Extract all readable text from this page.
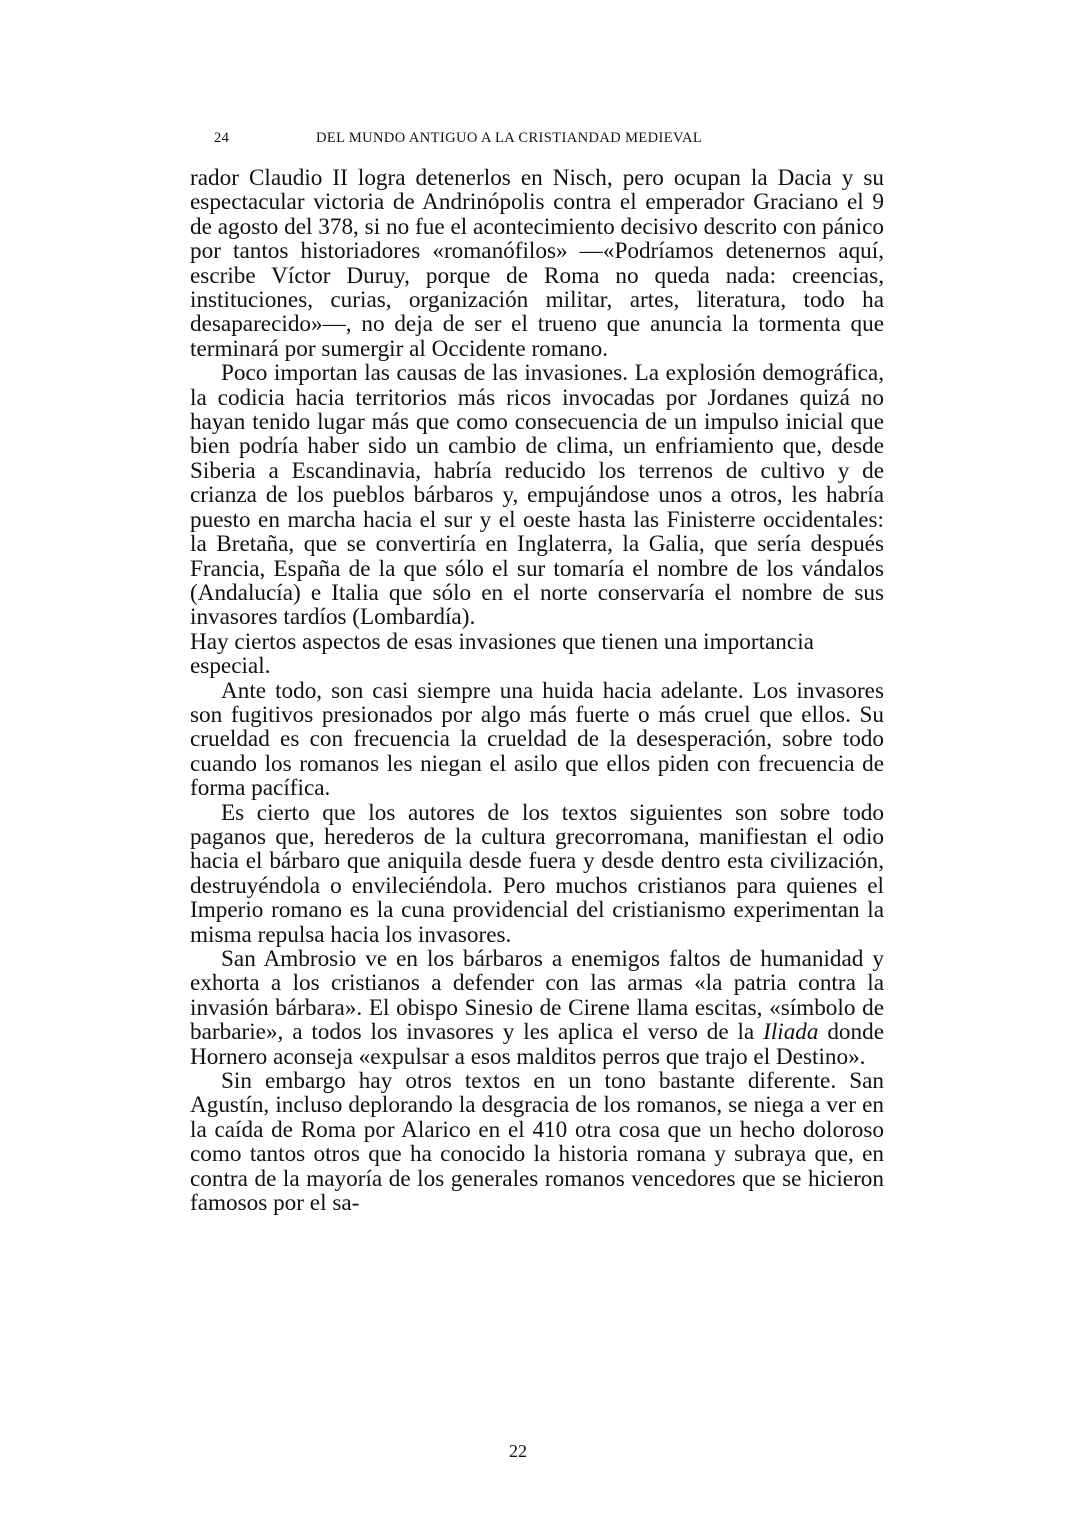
24	DEL MUNDO ANTIGUO A LA CRISTIANDAD MEDIEVAL

rador Claudio II logra detenerlos en Nisch, pero ocupan la Dacia y su espectacular victoria de Andrinópolis contra el emperador Graciano el 9 de agosto del 378, si no fue el acontecimiento decisivo descrito con pánico por tantos historiadores «romanófilos» —«Podríamos detenernos aquí, escribe Víctor Duruy, porque de Roma no queda nada: creencias, instituciones, curias, organización militar, artes, literatura, todo ha desaparecido»—, no deja de ser el trueno que anuncia la tormenta que terminará por sumergir al Occidente romano.

Poco importan las causas de las invasiones. La explosión demográfica, la codicia hacia territorios más ricos invocadas por Jordanes quizá no hayan tenido lugar más que como consecuencia de un impulso inicial que bien podría haber sido un cambio de clima, un enfriamiento que, desde Siberia a Escandinavia, habría reducido los terrenos de cultivo y de crianza de los pueblos bárbaros y, empujándose unos a otros, les habría puesto en marcha hacia el sur y el oeste hasta las Finisterre occidentales: la Bretaña, que se convertiría en Inglaterra, la Galia, que sería después Francia, España de la que sólo el sur tomaría el nombre de los vándalos (Andalucía) e Italia que sólo en el norte conservaría el nombre de sus invasores tardíos (Lombardía).

Hay ciertos aspectos de esas invasiones que tienen una importancia especial.

Ante todo, son casi siempre una huida hacia adelante. Los invasores son fugitivos presionados por algo más fuerte o más cruel que ellos. Su crueldad es con frecuencia la crueldad de la desesperación, sobre todo cuando los romanos les niegan el asilo que ellos piden con frecuencia de forma pacífica.

Es cierto que los autores de los textos siguientes son sobre todo paganos que, herederos de la cultura grecorromana, manifiestan el odio hacia el bárbaro que aniquila desde fuera y desde dentro esta civilización, destruyéndola o envileciéndola. Pero muchos cristianos para quienes el Imperio romano es la cuna providencial del cristianismo experimentan la misma repulsa hacia los invasores.

San Ambrosio ve en los bárbaros a enemigos faltos de humanidad y exhorta a los cristianos a defender con las armas «la patria contra la invasión bárbara». El obispo Sinesio de Cirene llama escitas, «símbolo de barbarie», a todos los invasores y les aplica el verso de la Iliada donde Hornero aconseja «expulsar a esos malditos perros que trajo el Destino».

Sin embargo hay otros textos en un tono bastante diferente. San Agustín, incluso deplorando la desgracia de los romanos, se niega a ver en la caída de Roma por Alarico en el 410 otra cosa que un hecho doloroso como tantos otros que ha conocido la historia romana y subraya que, en contra de la mayoría de los generales romanos vencedores que se hicieron famosos por el sa-

22
